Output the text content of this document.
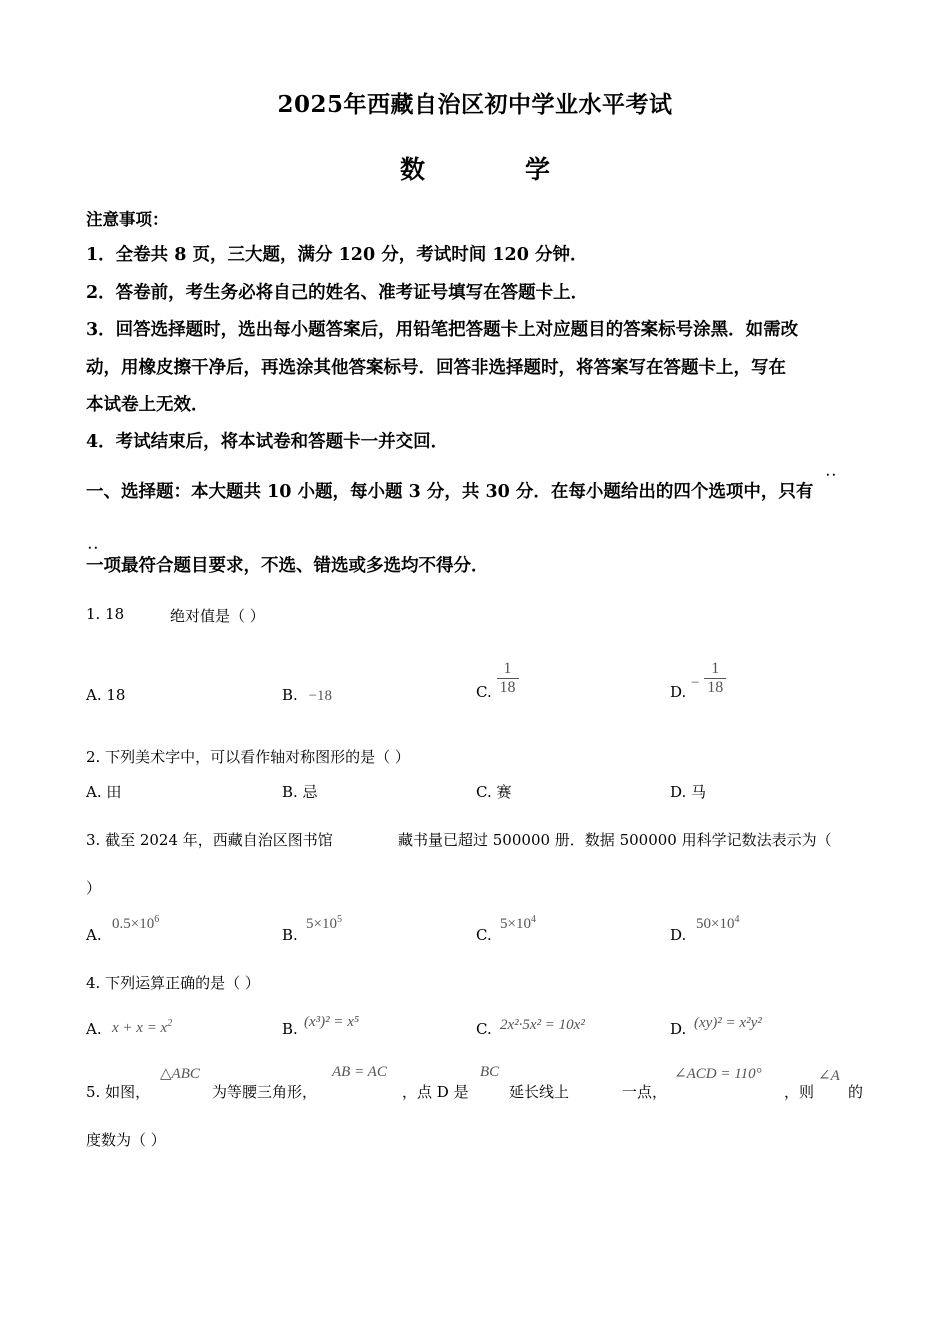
2025年西藏自治区初中学业水平考试
数	学
注意事项：
1．全卷共 8 页，三大题，满分 120 分，考试时间 120 分钟．
2．答卷前，考生务必将自己的姓名、准考证号填写在答题卡上．
3．回答选择题时，选出每小题答案后，用铅笔把答题卡上对应题目的答案标号涂黑．如需改
动，用橡皮擦干净后，再选涂其他答案标号．回答非选择题时，将答案写在答题卡上，写在
本试卷上无效．
4．考试结束后，将本试卷和答题卡一并交回．
．．
一、选择题：本大题共 10 小题，每小题 3 分，共 30 分．在每小题给出的四个选项中，只有
．．
一项最符合题目要求，不选、错选或多选均不得分．
1. 18	绝对值是（ ）
A. 18	B. −18	C. $\frac{1}{18}$	D. − $\frac{1}{18}$
2. 下列美术字中，可以看作轴对称图形的是（ ）
A. 田	B. 忌	C. 赛	D. 马
3. 截至 2024 年，西藏自治区图书馆	藏书量已超过 500000 册．数据 500000 用科学记数法表示为（
）
A.
$0.5\times 10^6$
B.
$5\times 10^5$
C.
$5\times 10^4$
D.
$50\times 10^4$
4. 下列运算正确的是（ ）
A. $x + x = x^2$	B. (x³)² = x⁵	C. 2x²·5x² = 10x²	D. (xy)² = x²y²
5. 如图，
△ABC
为等腰三角形，
AB = AC
，点 D 是
BC
延长线上	一点，
∠ACD = 110°
，则
∠A
的
度数为（ ）
